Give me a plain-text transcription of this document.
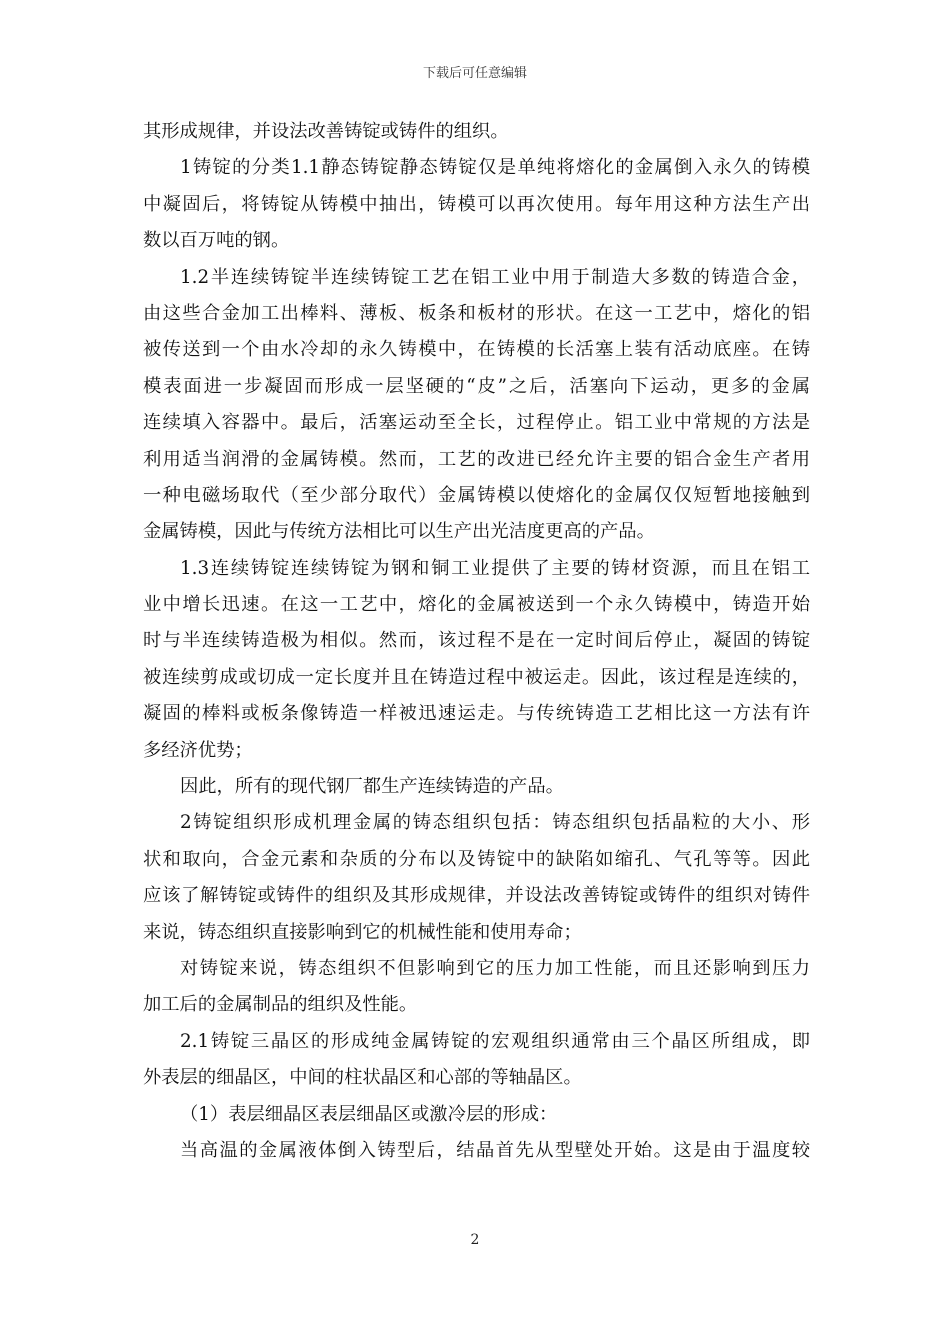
下载后可任意编辑
其形成规律，并设法改善铸锭或铸件的组织。
1铸锭的分类1.1静态铸锭静态铸锭仅是单纯将熔化的金属倒入永久的铸模
中凝固后，将铸锭从铸模中抽出，铸模可以再次使用。每年用这种方法生产出
数以百万吨的钢。
1.2半连续铸锭半连续铸锭工艺在铝工业中用于制造大多数的铸造合金，
由这些合金加工出棒料、薄板、板条和板材的形状。在这一工艺中，熔化的铝
被传送到一个由水冷却的永久铸模中，在铸模的长活塞上装有活动底座。在铸
模表面进一步凝固而形成一层坚硬的“皮”之后，活塞向下运动，更多的金属
连续填入容器中。最后，活塞运动至全长，过程停止。铝工业中常规的方法是
利用适当润滑的金属铸模。然而，工艺的改进已经允许主要的铝合金生产者用
一种电磁场取代（至少部分取代）金属铸模以使熔化的金属仅仅短暂地接触到
金属铸模，因此与传统方法相比可以生产出光洁度更高的产品。
1.3连续铸锭连续铸锭为钢和铜工业提供了主要的铸材资源，而且在铝工
业中增长迅速。在这一工艺中，熔化的金属被送到一个永久铸模中，铸造开始
时与半连续铸造极为相似。然而，该过程不是在一定时间后停止，凝固的铸锭
被连续剪成或切成一定长度并且在铸造过程中被运走。因此，该过程是连续的，
凝固的棒料或板条像铸造一样被迅速运走。与传统铸造工艺相比这一方法有许
多经济优势；
因此，所有的现代钢厂都生产连续铸造的产品。
2铸锭组织形成机理金属的铸态组织包括：铸态组织包括晶粒的大小、形
状和取向，合金元素和杂质的分布以及铸锭中的缺陷如缩孔、气孔等等。因此
应该了解铸锭或铸件的组织及其形成规律，并设法改善铸锭或铸件的组织对铸件
来说，铸态组织直接影响到它的机械性能和使用寿命；
对铸锭来说，铸态组织不但影响到它的压力加工性能，而且还影响到压力
加工后的金属制品的组织及性能。
2.1铸锭三晶区的形成纯金属铸锭的宏观组织通常由三个晶区所组成，即
外表层的细晶区，中间的柱状晶区和心部的等轴晶区。
（1）表层细晶区表层细晶区或激冷层的形成：
当高温的金属液体倒入铸型后，结晶首先从型壁处开始。这是由于温度较
2
